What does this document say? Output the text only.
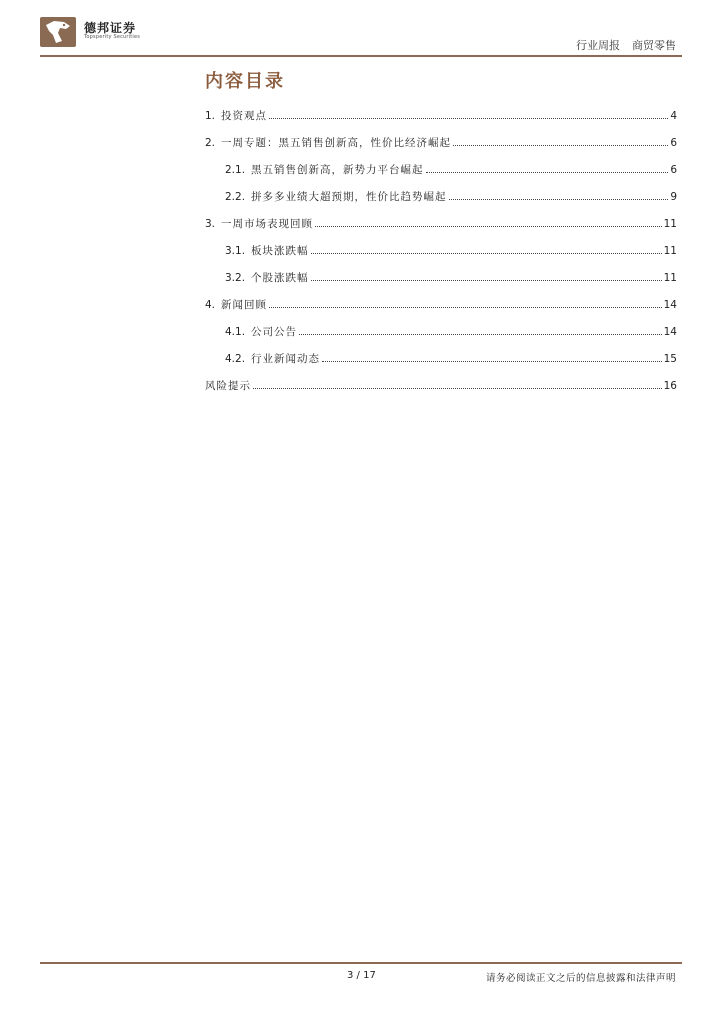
德邦证券
Topsperity Securities
行业周报 商贸零售
内容目录
1. 投资观点	4
2. 一周专题：黑五销售创新高，性价比经济崛起	6
2.1. 黑五销售创新高，新势力平台崛起	6
2.2. 拼多多业绩大超预期，性价比趋势崛起	9
3. 一周市场表现回顾	11
3.1. 板块涨跌幅	11
3.2. 个股涨跌幅	11
4. 新闻回顾	14
4.1. 公司公告	14
4.2. 行业新闻动态	15
风险提示	16
3 / 17	请务必阅读正文之后的信息披露和法律声明
